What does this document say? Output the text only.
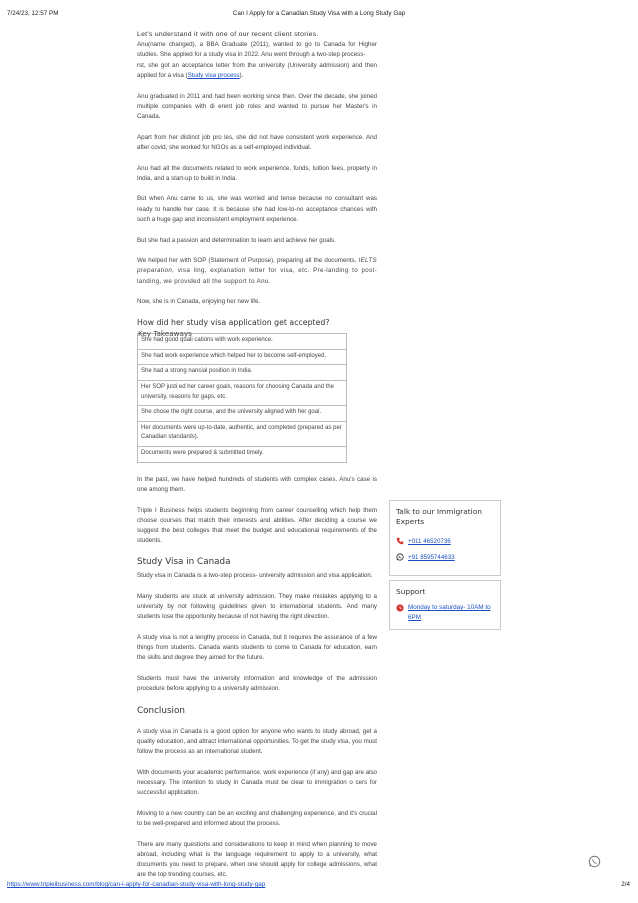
7/24/23, 12:57 PM	Can I Apply for a Canadian Study Visa with a Long Study Gap

Let's understand it with one of our recent client stories.

Anu(name changed), a BBA Graduate (2011), wanted to go to Canada for Higher studies. She applied for a study visa in 2022. Anu went through a two-step process-
rst, she got an acceptance letter from the university (University admission) and then applied for a visa (Study visa process).

Anu graduated in 2011 and had been working since then. Over the decade, she joined multiple companies with di erent job roles and wanted to pursue her Master's in Canada.

Apart from her distinct job pro les, she did not have consistent work experience. And after covid, she worked for NGOs as a self-employed individual.

Anu had all the documents related to work experience, funds, tuition fees, property in India, and a start-up to build in India.

But when Anu came to us, she was worried and tense because no consultant was ready to handle her case. It is because she had low-to-no acceptance chances with such a huge gap and inconsistent employment experience.

But she had a passion and determination to learn and achieve her goals.

We helped her with SOP (Statement of Purpose), preparing all the documents, IELTS preparation, visa ling, explanation letter for visa, etc. Pre-landing to post-landing, we provided all the support to Anu.

Now, she is in Canada, enjoying her new life.

How did her study visa application get accepted?
Key Takeaways
She had good quali cations with work experience.
She had work experience which helped her to become self-employed.
She had a strong nancial position in India.
Her SOP justi ed her career goals, reasons for choosing Canada and the university, reasons for gaps, etc.
She chose the right course, and the university aligned with her goal.
Her documents were up-to-date, authentic, and completed (prepared as per Canadian standards).
Documents were prepared & submitted timely.

In the past, we have helped hundreds of students with complex cases. Anu's case is one among them.

Triple I Business helps students beginning from career counselling which help them choose courses that match their interests and abilities. After deciding a course we suggest the best colleges that meet the budget and educational requirements of the students.

Study Visa in Canada

Study visa in Canada is a two-step process- university admission and visa application.

Many students are stuck at university admission. They make mistakes applying to a university by not following guidelines given to international students. And many students lose the opportunity because of not having the right direction.

A study visa is not a lengthy process in Canada, but it requires the assurance of a few things from students. Canada wants students to come to Canada for education, earn the skills and degree they aimed for the future.

Students must have the university information and knowledge of the admission procedure before applying to a university admission.

Conclusion

A study visa in Canada is a good option for anyone who wants to study abroad, get a quality education, and attract international opportunities. To get the study visa, you must follow the process as an international student.

With documents your academic performance, work experience (if any) and gap are also necessary. The intention to study in Canada must be clear to immigration o cers for successful application.

Moving to a new country can be an exciting and challenging experience, and it's crucial to be well-prepared and informed about the process.

There are many questions and considerations to keep in mind when planning to move abroad, including what is the language requirement to apply to a university, what documents you need to prepare, when one should apply for college admissions, what are the top trending courses, etc.

Talk to our Immigration Experts
+011 46520736
+91 8595744633
Support
Monday to saturday- 10AM to 6PM
https://www.tripleibusiness.com/blog/can-i-apply-for-canadian-study-visa-with-long-study-gap	2/4
